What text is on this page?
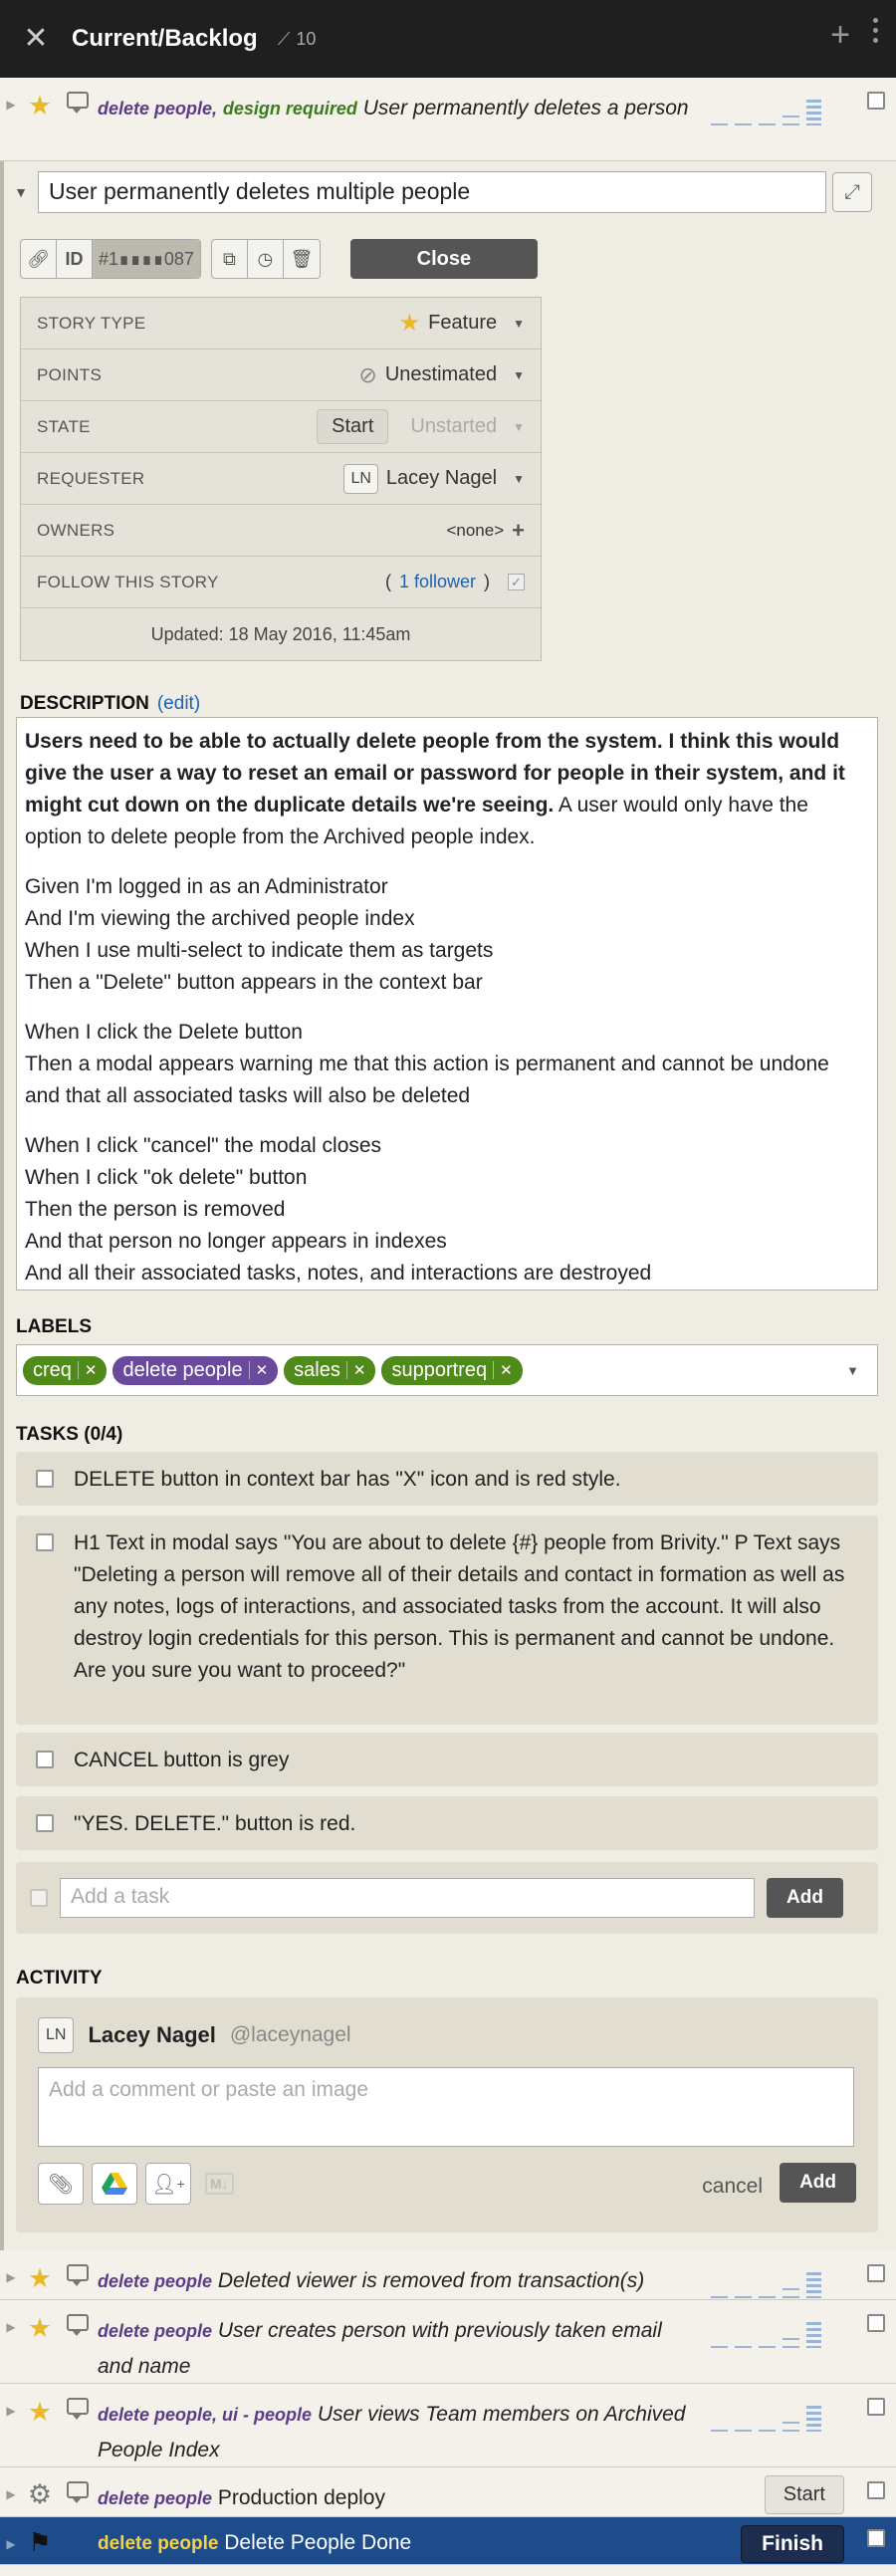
✕ Current/Backlog ⟋ 10	+
▶ ★	delete people, design required User permanently deletes a person
▼ User permanently deletes multiple people	⤢
🔗︎ ID #1∎∎∎∎087	⧉	◷ 🗑︎	Close
STORY TYPE	★ Feature ▼
POINTS	⊘ Unestimated ▼
STATE	Start	Unstarted ▼
REQUESTER	LN Lacey Nagel ▼
OWNERS	<none> +
FOLLOW THIS STORY	( 1 follower ) ✓
Updated: 18 May 2016, 11:45am
DESCRIPTION (edit)

Users need to be able to actually delete people from the system. I think this would give the user a way to reset an email or password for people in their system, and it might cut down on the duplicate details we're seeing. A user would only have the option to delete people from the Archived people index.

Given I'm logged in as an Administrator
And I'm viewing the archived people index
When I use multi-select to indicate them as targets
Then a "Delete" button appears in the context bar

When I click the Delete button
Then a modal appears warning me that this action is permanent and cannot be undone and that all associated tasks will also be deleted

When I click "cancel" the modal closes
When I click "ok delete" button
Then the person is removed
And that person no longer appears in indexes
And all their associated tasks, notes, and interactions are destroyed

LABELS
creq ✕ delete people ✕ sales ✕ supportreq ✕	▼
TASKS (0/4)
DELETE button in context bar has "X" icon and is red style.
H1 Text in modal says "You are about to delete {#} people from Brivity." P Text says "Deleting a person will remove all of their details and contact in formation as well as any notes, logs of interactions, and associated tasks from the account. It will also destroy login credentials for this person. This is permanent and cannot be undone. Are you sure you want to proceed?"
CANCEL button is grey
"YES. DELETE." button is red.
Add a task	Add
ACTIVITY
LN	Lacey Nagel @laceynagel
Add a comment or paste an image
📎︎	👤︎ +	M↓	cancel	Add
▶ ★	delete people Deleted viewer is removed from transaction(s)
▶ ★	delete people User creates person with previously taken email and name
▶ ★	delete people, ui - people User views Team members on Archived People Index
▶ ⚙	delete people Production deploy	Start
▶ ⚑	delete people Delete People Done	Finish
